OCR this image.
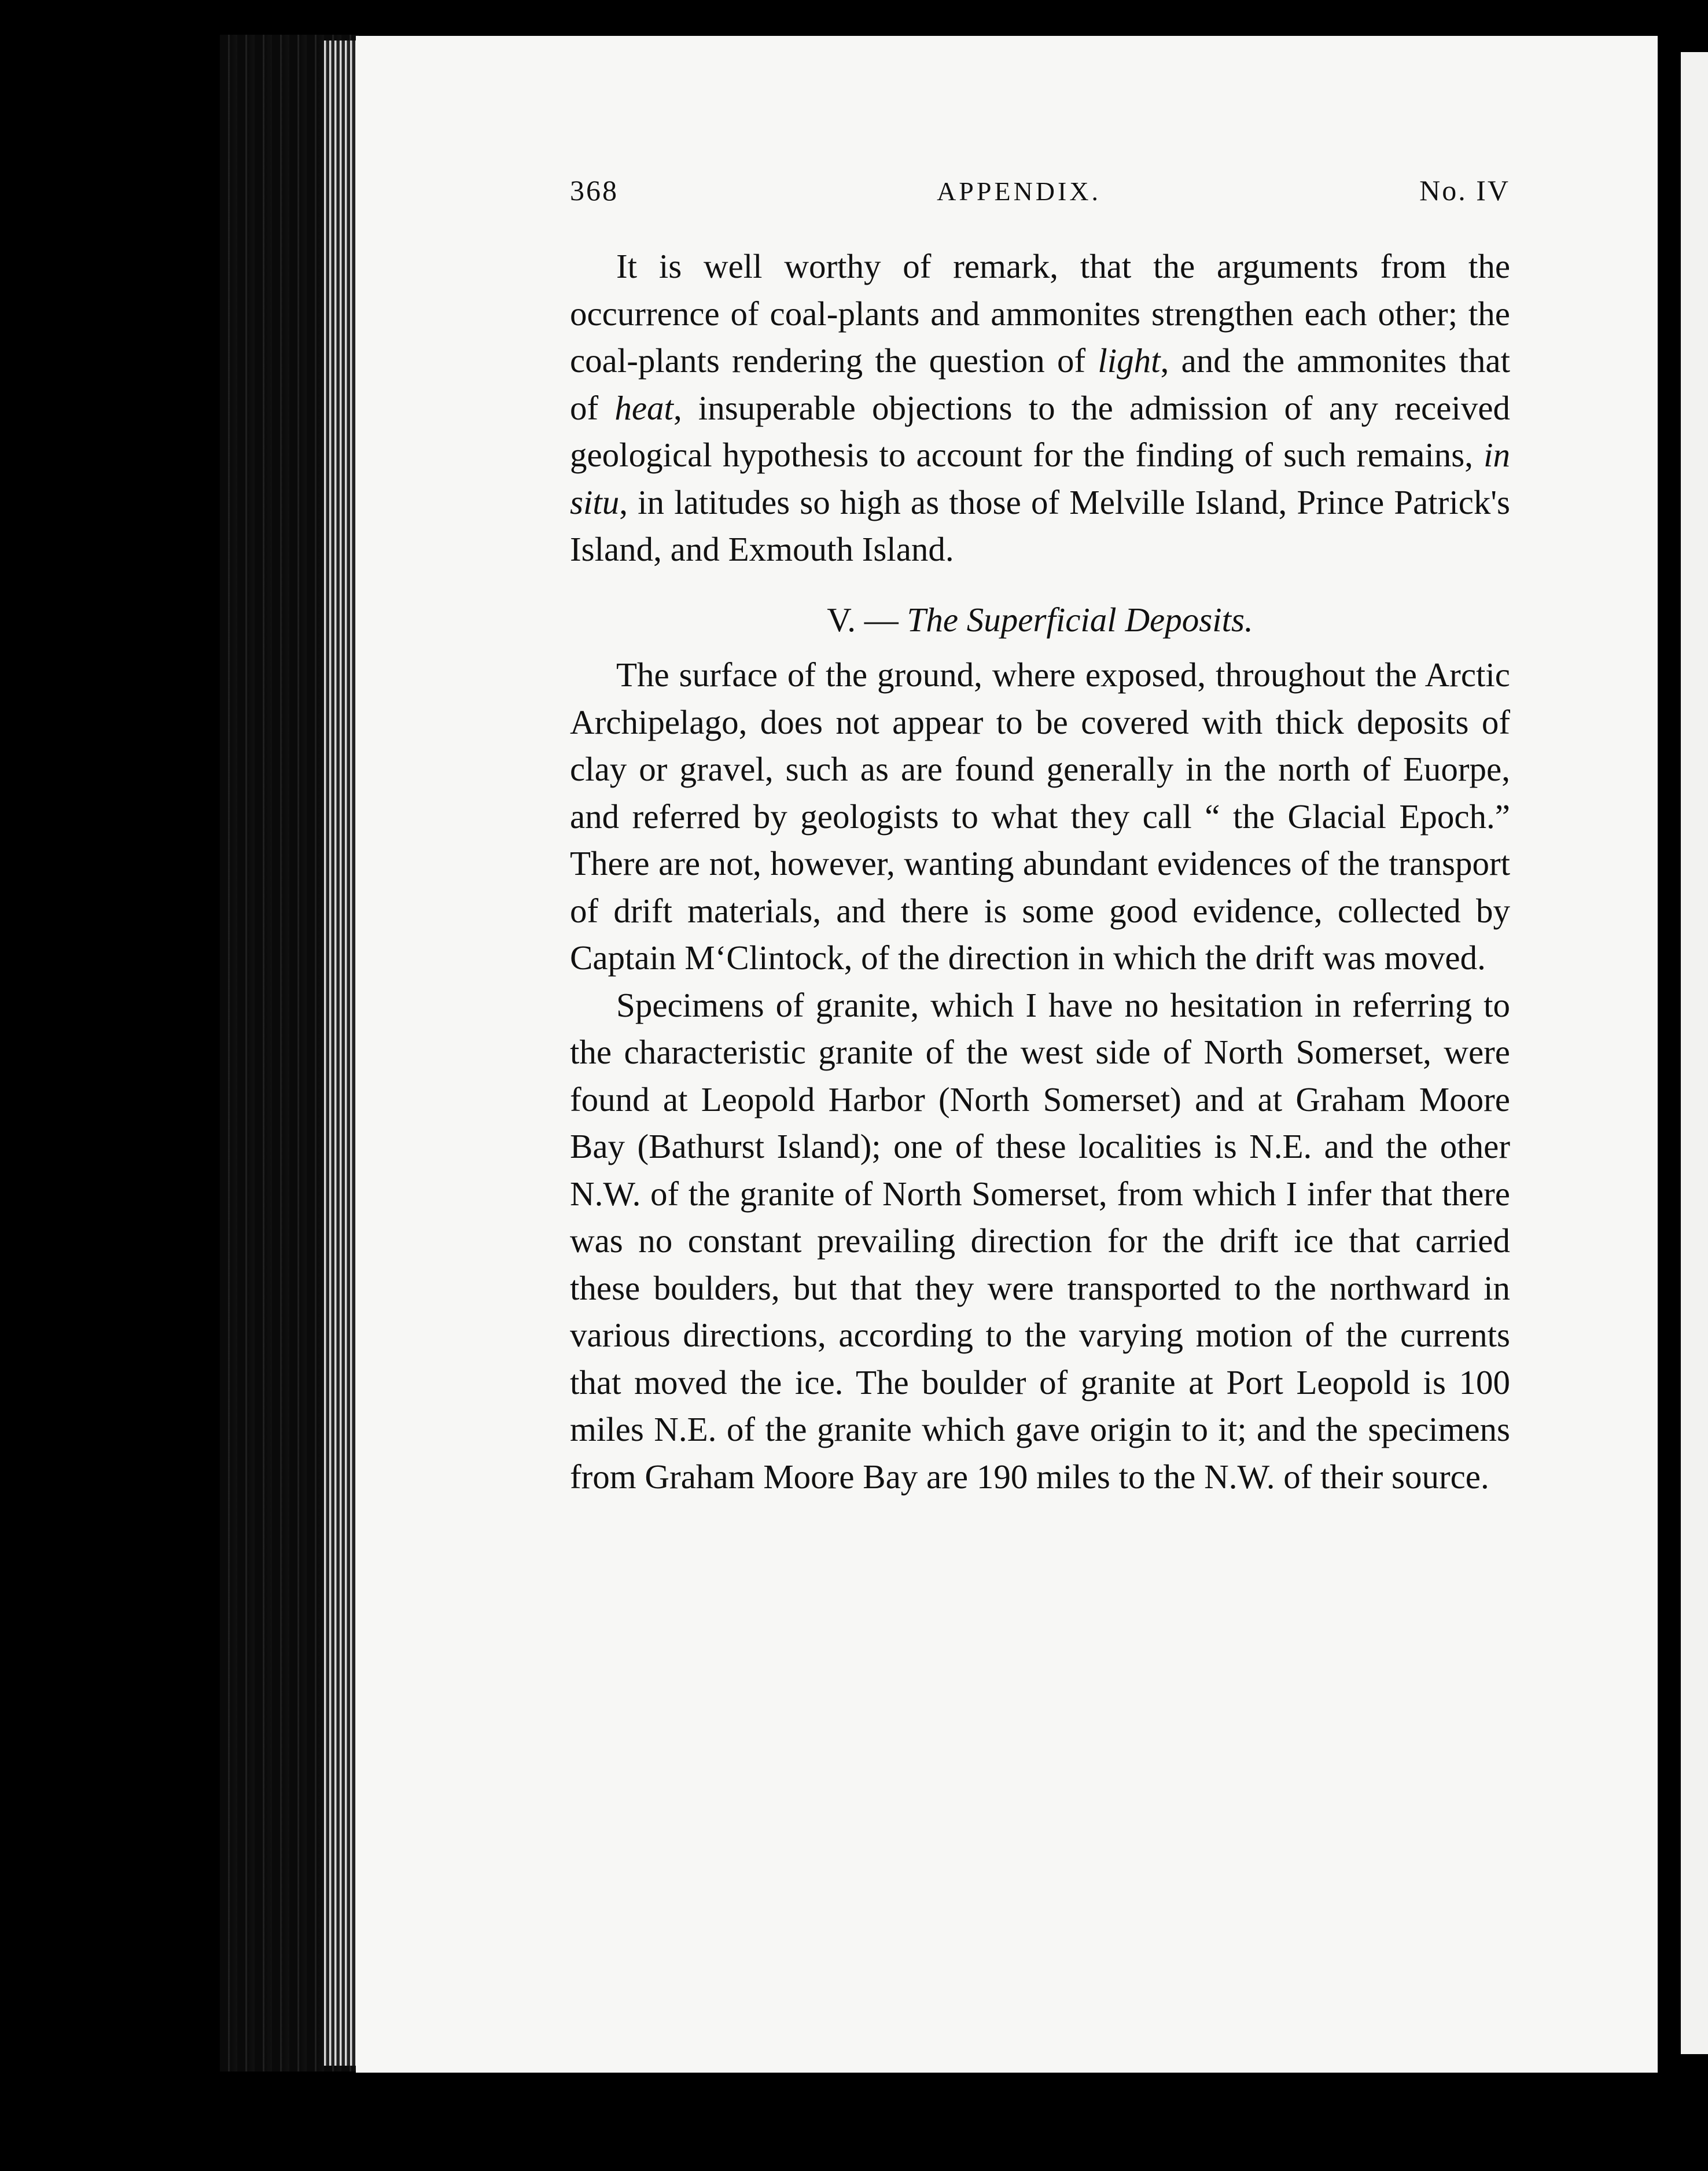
368	APPENDIX.	No. IV

It is well worthy of remark, that the arguments from the occurrence of coal-plants and ammonites strengthen each other; the coal-plants rendering the question of light, and the ammonites that of heat, insuperable objections to the admission of any received geological hypothesis to account for the finding of such remains, in situ, in latitudes so high as those of Melville Island, Prince Patrick's Island, and Exmouth Island.

V. — The Superficial Deposits.

The surface of the ground, where exposed, throughout the Arctic Archipelago, does not appear to be covered with thick deposits of clay or gravel, such as are found generally in the north of Euorpe, and referred by geologists to what they call “ the Glacial Epoch.” There are not, however, wanting abundant evidences of the transport of drift materials, and there is some good evidence, collected by Captain M‘Clintock, of the direction in which the drift was moved.

Specimens of granite, which I have no hesitation in referring to the characteristic granite of the west side of North Somerset, were found at Leopold Harbor (North Somerset) and at Graham Moore Bay (Bathurst Island); one of these localities is N.E. and the other N.W. of the granite of North Somerset, from which I infer that there was no constant prevailing direction for the drift ice that carried these boulders, but that they were transported to the northward in various directions, according to the varying motion of the currents that moved the ice. The boulder of granite at Port Leopold is 100 miles N.E. of the granite which gave origin to it; and the specimens from Graham Moore Bay are 190 miles to the N.W. of their source.
